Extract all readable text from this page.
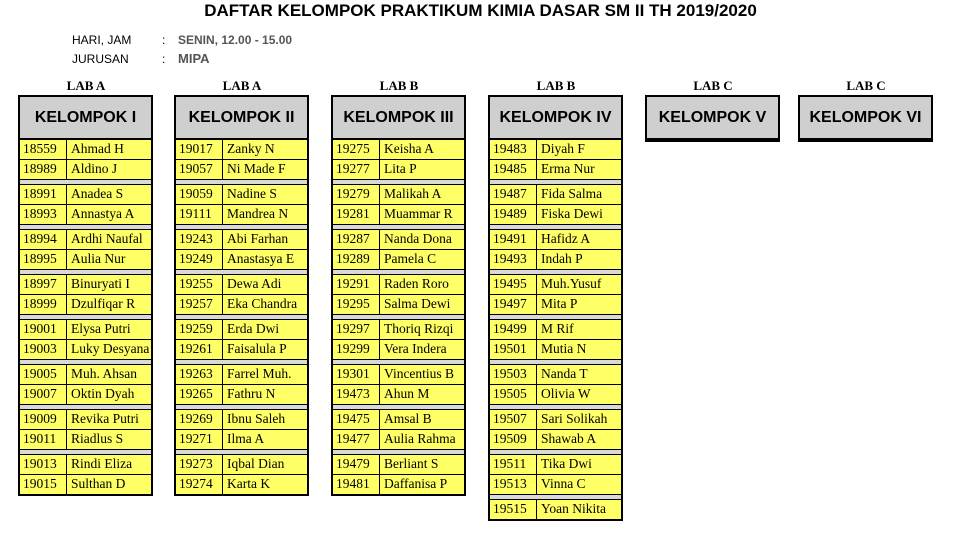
DAFTAR KELOMPOK PRAKTIKUM KIMIA DASAR SM II TH 2019/2020
HARI, JAM	: SENIN, 12.00 - 15.00
JURUSAN	: MIPA
LAB A
KELOMPOK I
18559	Ahmad H
18989	Aldino J
18991	Anadea S
18993	Annastya A
18994	Ardhi Naufal
18995	Aulia Nur
18997	Binuryati I
18999	Dzulfiqar R
19001	Elysa Putri
19003	Luky Desyana
19005	Muh. Ahsan
19007	Oktin Dyah
19009	Revika Putri
19011	Riadlus S
19013	Rindi Eliza
19015	Sulthan D
LAB A
KELOMPOK II
19017	Zanky N
19057	Ni Made F
19059	Nadine S
19111	Mandrea N
19243	Abi Farhan
19249	Anastasya E
19255	Dewa Adi
19257	Eka Chandra
19259	Erda Dwi
19261	Faisalula P
19263	Farrel Muh.
19265	Fathru N
19269	Ibnu Saleh
19271	Ilma A
19273	Iqbal Dian
19274	Karta K
LAB B
KELOMPOK III
19275	Keisha A
19277	Lita P
19279	Malikah A
19281	Muammar R
19287	Nanda Dona
19289	Pamela C
19291	Raden Roro
19295	Salma Dewi
19297	Thoriq Rizqi
19299	Vera Indera
19301	Vincentius B
19473	Ahun M
19475	Amsal B
19477	Aulia Rahma
19479	Berliant S
19481	Daffanisa P
LAB B
KELOMPOK IV
19483	Diyah F
19485	Erma Nur
19487	Fida Salma
19489	Fiska Dewi
19491	Hafidz A
19493	Indah P
19495	Muh.Yusuf
19497	Mita P
19499	M Rif
19501	Mutia N
19503	Nanda T
19505	Olivia W
19507	Sari Solikah
19509	Shawab A
19511	Tika Dwi
19513	Vinna C
19515	Yoan Nikita
LAB C
KELOMPOK V
LAB C
KELOMPOK VI
